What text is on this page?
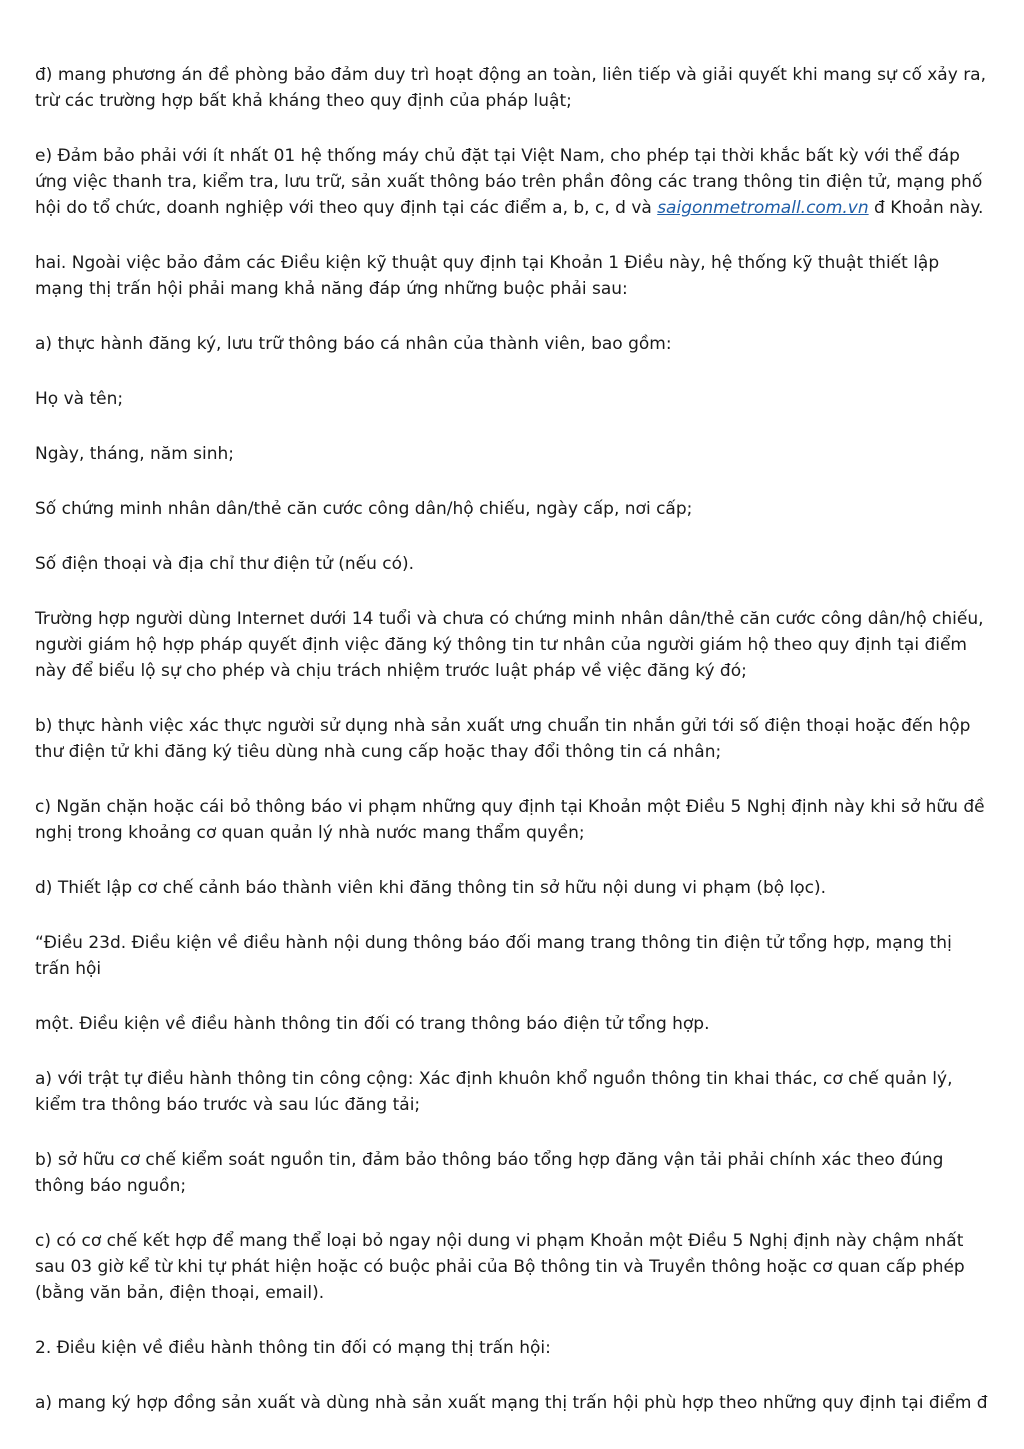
đ) mang phương án đề phòng bảo đảm duy trì hoạt động an toàn, liên tiếp và giải quyết khi mang sự cố xảy ra, trừ các trường hợp bất khả kháng theo quy định của pháp luật;

e) Đảm bảo phải với ít nhất 01 hệ thống máy chủ đặt tại Việt Nam, cho phép tại thời khắc bất kỳ với thể đáp ứng việc thanh tra, kiểm tra, lưu trữ, sản xuất thông báo trên phần đông các trang thông tin điện tử, mạng phố hội do tổ chức, doanh nghiệp với theo quy định tại các điểm a, b, c, d và saigonmetromall.com.vn đ Khoản này.

hai. Ngoài việc bảo đảm các Điều kiện kỹ thuật quy định tại Khoản 1 Điều này, hệ thống kỹ thuật thiết lập mạng thị trấn hội phải mang khả năng đáp ứng những buộc phải sau:

a) thực hành đăng ký, lưu trữ thông báo cá nhân của thành viên, bao gồm:

Họ và tên;

Ngày, tháng, năm sinh;

Số chứng minh nhân dân/thẻ căn cước công dân/hộ chiếu, ngày cấp, nơi cấp;

Số điện thoại và địa chỉ thư điện tử (nếu có).

Trường hợp người dùng Internet dưới 14 tuổi và chưa có chứng minh nhân dân/thẻ căn cước công dân/hộ chiếu, người giám hộ hợp pháp quyết định việc đăng ký thông tin tư nhân của người giám hộ theo quy định tại điểm này để biểu lộ sự cho phép và chịu trách nhiệm trước luật pháp về việc đăng ký đó;

b) thực hành việc xác thực người sử dụng nhà sản xuất ưng chuẩn tin nhắn gửi tới số điện thoại hoặc đến hộp thư điện tử khi đăng ký tiêu dùng nhà cung cấp hoặc thay đổi thông tin cá nhân;

c) Ngăn chặn hoặc cái bỏ thông báo vi phạm những quy định tại Khoản một Điều 5 Nghị định này khi sở hữu đề nghị trong khoảng cơ quan quản lý nhà nước mang thẩm quyền;

d) Thiết lập cơ chế cảnh báo thành viên khi đăng thông tin sở hữu nội dung vi phạm (bộ lọc).

“Điều 23d. Điều kiện về điều hành nội dung thông báo đối mang trang thông tin điện tử tổng hợp, mạng thị trấn hội

một. Điều kiện về điều hành thông tin đối có trang thông báo điện tử tổng hợp.

a) với trật tự điều hành thông tin công cộng: Xác định khuôn khổ nguồn thông tin khai thác, cơ chế quản lý, kiểm tra thông báo trước và sau lúc đăng tải;

b) sở hữu cơ chế kiểm soát nguồn tin, đảm bảo thông báo tổng hợp đăng vận tải phải chính xác theo đúng thông báo nguồn;

c) có cơ chế kết hợp để mang thể loại bỏ ngay nội dung vi phạm Khoản một Điều 5 Nghị định này chậm nhất sau 03 giờ kể từ khi tự phát hiện hoặc có buộc phải của Bộ thông tin và Truyền thông hoặc cơ quan cấp phép (bằng văn bản, điện thoại, email).

2. Điều kiện về điều hành thông tin đối có mạng thị trấn hội:

a) mang ký hợp đồng sản xuất và dùng nhà sản xuất mạng thị trấn hội phù hợp theo những quy định tại điểm đ
